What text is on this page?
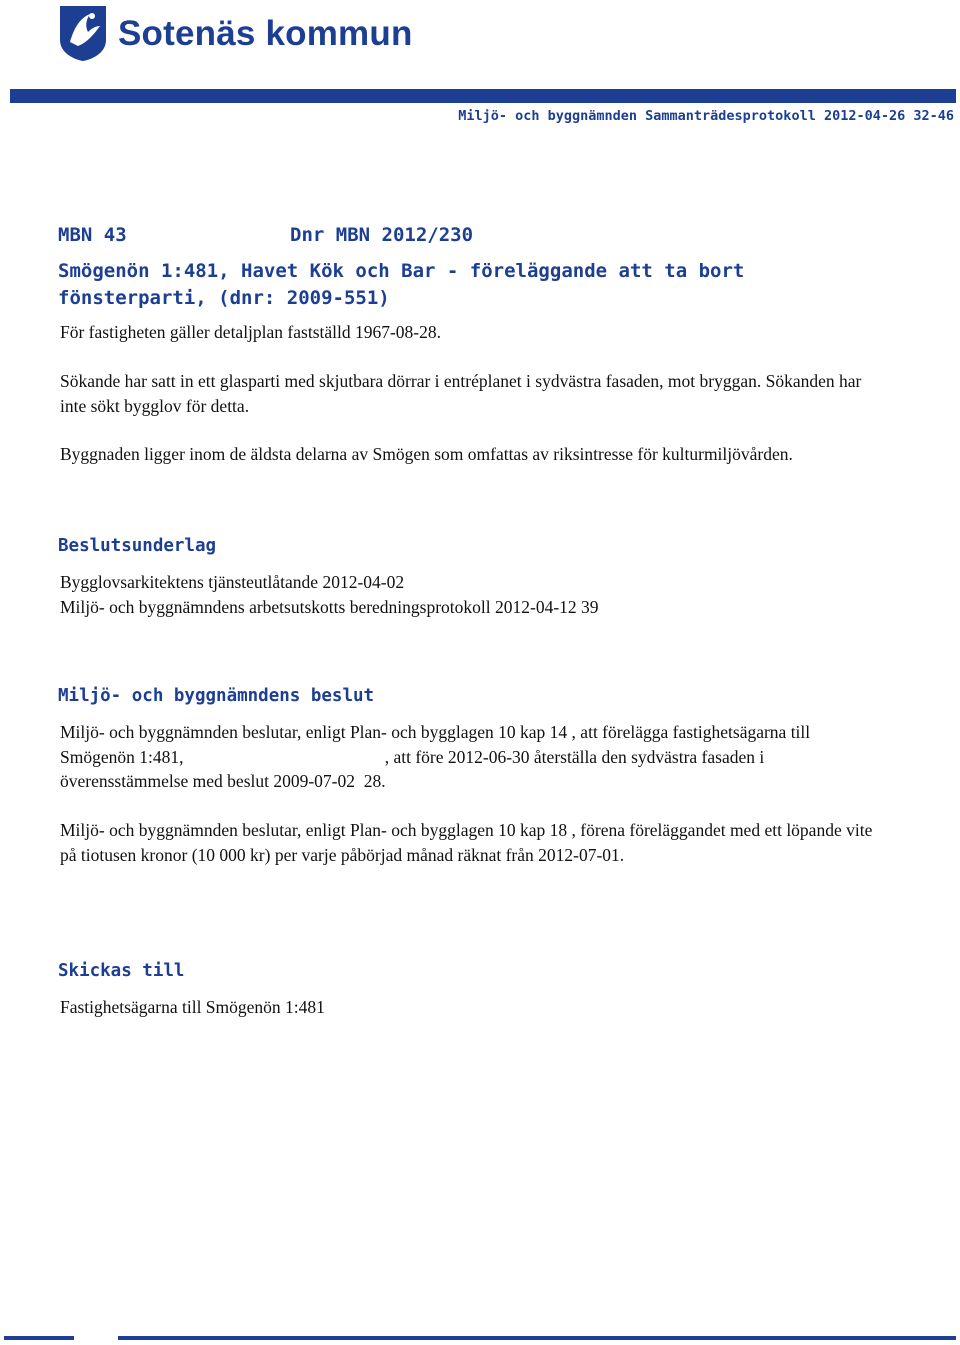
Sotenäs kommun
Miljö- och byggnämnden Sammanträdesprotokoll 2012-04-26 32-46
MBN 43	Dnr MBN 2012/230
Smögenön 1:481, Havet Kök och Bar - föreläggande att ta bort fönsterparti, (dnr: 2009-551)
För fastigheten gäller detaljplan fastställd 1967-08-28.
Sökande har satt in ett glasparti med skjutbara dörrar i entréplanet i sydvästra fasaden, mot bryggan. Sökanden har inte sökt bygglov för detta.
Byggnaden ligger inom de äldsta delarna av Smögen som omfattas av riksintresse för kulturmiljövården.
Beslutsunderlag
Bygglovsarkitektens tjänsteutlåtande 2012-04-02
Miljö- och byggnämndens arbetsutskotts beredningsprotokoll 2012-04-12 39
Miljö- och byggnämndens beslut
Miljö- och byggnämnden beslutar, enligt Plan- och bygglagen 10 kap 14 , att förelägga fastighetsägarna till Smögenön 1:481,                                              , att före 2012-06-30 återställa den sydvästra fasaden i överensstämmelse med beslut 2009-07-02  28.
Miljö- och byggnämnden beslutar, enligt Plan- och bygglagen 10 kap 18 , förena föreläggandet med ett löpande vite på tiotusen kronor (10 000 kr) per varje påbörjad månad räknat från 2012-07-01.
Skickas till
Fastighetsägarna till Smögenön 1:481
